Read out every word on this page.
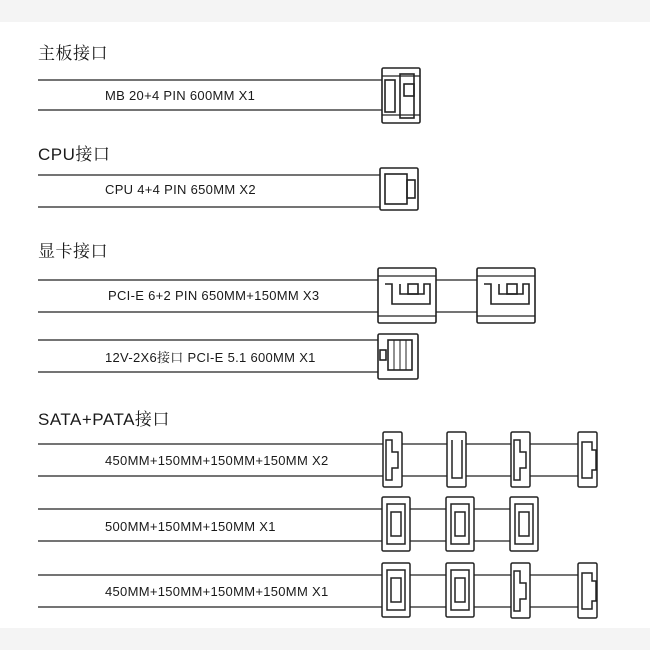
主板接口
CPU接口
显卡接口
SATA+PATA接口
MB 20+4 PIN 600MM X1
CPU 4+4 PIN 650MM X2
PCI-E 6+2 PIN 650MM+150MM X3
12V-2X6接口 PCI-E 5.1 600MM X1
450MM+150MM+150MM+150MM X2
500MM+150MM+150MM X1
450MM+150MM+150MM+150MM X1
